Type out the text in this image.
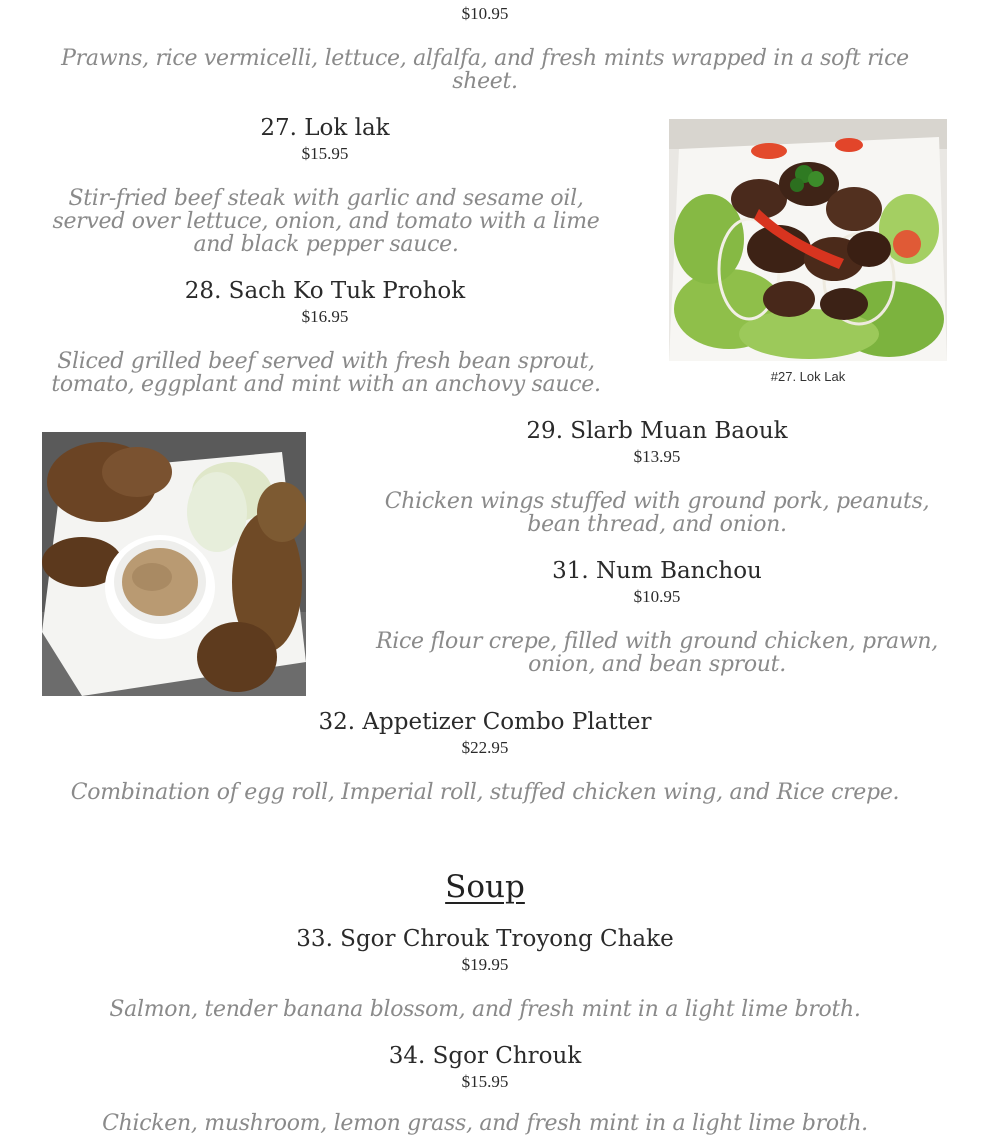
$10.95
Prawns, rice vermicelli, lettuce, alfalfa, and fresh mints wrapped in a soft rice sheet.
27. Lok lak
$15.95
Stir-fried beef steak with garlic and sesame oil, served over lettuce, onion, and tomato with a lime and black pepper sauce.
28. Sach Ko Tuk Prohok
$16.95
Sliced grilled beef served with fresh bean sprout, tomato, eggplant and mint with an anchovy sauce.	#27. Lok Lak
29. Slarb Muan Baouk
$13.95
Chicken wings stuffed with ground pork, peanuts, bean thread, and onion.
31. Num Banchou
$10.95
Rice flour crepe, filled with ground chicken, prawn, onion, and bean sprout.
32. Appetizer Combo Platter
$22.95
Combination of egg roll, Imperial roll, stuffed chicken wing, and Rice crepe.
Soup
33. Sgor Chrouk Troyong Chake
$19.95
Salmon, tender banana blossom, and fresh mint in a light lime broth.
34. Sgor Chrouk
$15.95
Chicken, mushroom, lemon grass, and fresh mint in a light lime broth.
